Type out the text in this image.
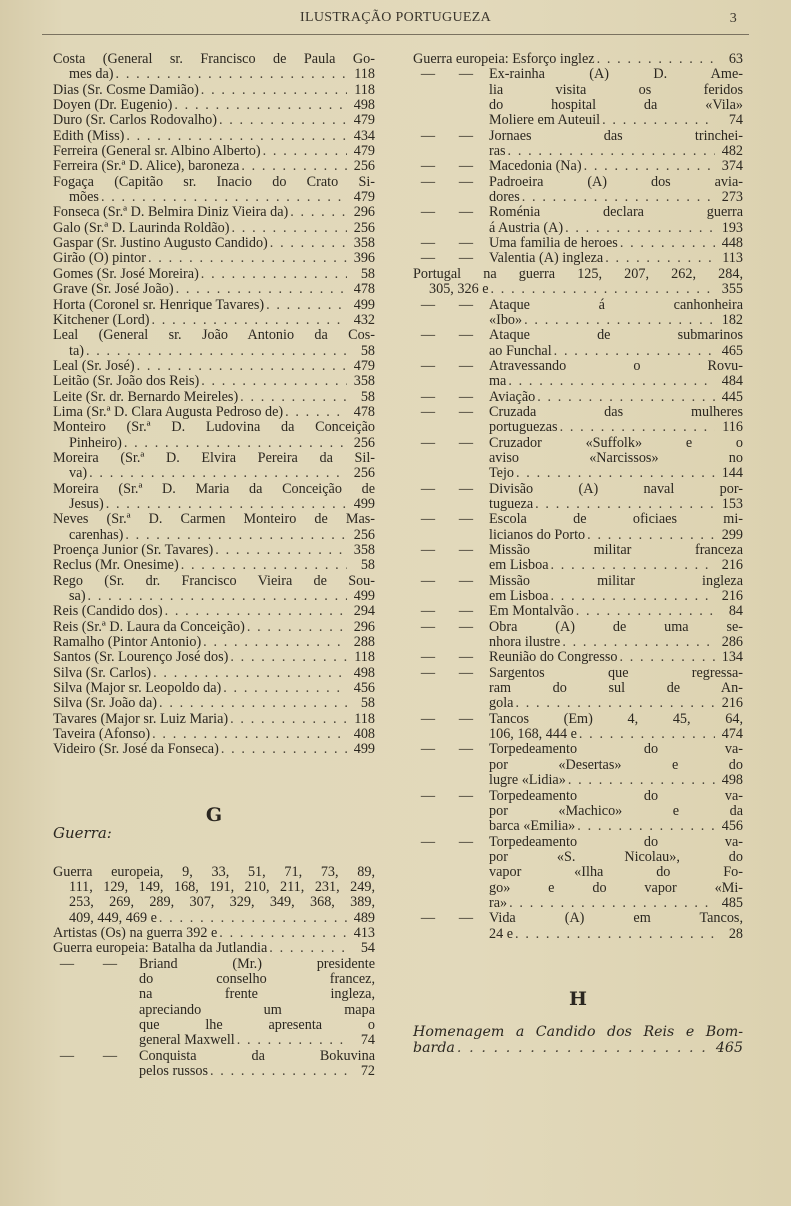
ILUSTRAÇÃO PORTUGUEZA	3
Costa (General sr. Francisco de Paula Go-
mes da) . . .	118
Dias (Sr. Cosme Damião) . . .	118
Doyen (Dr. Eugenio) . . .	498
Duro (Sr. Carlos Rodovalho) . . .	479
Edith (Miss) . . .	434
Ferreira (General sr. Albino Alberto) . . .	479
Ferreira (Sr.ª D. Alice), baroneza . . .	256
Fogaça (Capitão sr. Inacio do Crato Si-
mões . . .	479
Fonseca (Sr.ª D. Belmira Diniz Vieira da) . . .	296
Galo (Sr.ª D. Laurinda Roldão) . . .	256
Gaspar (Sr. Justino Augusto Candido) . . .	358
Girão (O) pintor . . .	396
Gomes (Sr. José Moreira) . . .	58
Grave (Sr. José João) . . .	478
Horta (Coronel sr. Henrique Tavares) . . .	499
Kitchener (Lord) . . .	432
Leal (General sr. João Antonio da Cos-
ta) . . .	58
Leal (Sr. José) . . .	479
Leitão (Sr. João dos Reis) . . .	358
Leite (Sr. dr. Bernardo Meireles) . . .	58
Lima (Sr.ª D. Clara Augusta Pedroso de) . . .	478
Monteiro (Sr.ª D. Ludovina da Conceição
Pinheiro) . . .	256
Moreira (Sr.ª D. Elvira Pereira da Sil-
va) . . .	256
Moreira (Sr.ª D. Maria da Conceição de
Jesus) . . .	499
Neves (Sr.ª D. Carmen Monteiro de Mas-
carenhas) . . .	256
Proença Junior (Sr. Tavares) . . .	358
Reclus (Mr. Onesime) . . .	58
Rego (Sr. dr. Francisco Vieira de Sou-
sa) . . .	499
Reis (Candido dos) . . .	294
Reis (Sr.ª D. Laura da Conceição) . . .	296
Ramalho (Pintor Antonio) . . .	288
Santos (Sr. Lourenço José dos) . . .	118
Silva (Sr. Carlos) . . .	498
Silva (Major sr. Leopoldo da) . . .	456
Silva (Sr. João da) . . .	58
Tavares (Major sr. Luiz Maria) . . .	118
Taveira (Afonso) . . .	408
Videiro (Sr. José da Fonseca) . . .	499
G
Guerra:
Guerra europeia, 9, 33, 51, 71, 73, 89,
111, 129, 149, 168, 191, 210, 211, 231, 249,
253, 269, 289, 307, 329, 349, 368, 389,
409, 449, 469 e . . .	489
Artistas (Os) na guerra 392 e . . .	413
Guerra europeia: Batalha da Jutlandia . . .	54
—	—	Briand (Mr.) presidente
do conselho francez,
na frente ingleza,
apreciando um mapa
que lhe apresenta o
general Maxwell . . .	74
—	—	Conquista da Bokuvina
pelos russos . . .	72
Guerra europeia: Esforço inglez . . .	63
—	—	Ex-rainha (A) D. Ame-
lia visita os feridos
do hospital da «Vila»
Moliere em Auteuil . . .	74
—	—	Jornaes das trinchei-
ras . . .	482
—	—	Macedonia (Na) . . .	374
—	—	Padroeira (A) dos avia-
dores . . .	273
—	—	Roménia declara guerra
á Austria (A) . . .	193
—	—	Uma familia de heroes . . .	448
—	—	Valentia (A) ingleza . . .	113
Portugal na guerra 125, 207, 262, 284,
305, 326 e . . .	355
—	—	Ataque á canhonheira
«Ibo» . . .	182
—	—	Ataque de submarinos
ao Funchal . . .	465
—	—	Atravessando o Rovu-
ma . . .	484
—	—	Aviação . . .	445
—	—	Cruzada das mulheres
portuguezas . . .	116
—	—	Cruzador «Suffolk» e o
aviso «Narcissos» no
Tejo . . .	144
—	—	Divisão (A) naval por-
tugueza . . .	153
—	—	Escola de oficiaes mi-
licianos do Porto . . .	299
—	—	Missão militar franceza
em Lisboa . . .	216
—	—	Missão militar ingleza
em Lisboa . . .	216
—	—	Em Montalvão . . .	84
—	—	Obra (A) de uma se-
nhora ilustre . . .	286
—	—	Reunião do Congresso . . .	134
—	—	Sargentos que regressa-
ram do sul de An-
gola . . .	216
—	—	Tancos (Em) 4, 45, 64,
106, 168, 444 e . . .	474
—	—	Torpedeamento do va-
por «Desertas» e do
lugre «Lidia» . . .	498
—	—	Torpedeamento do va-
por «Machico» e da
barca «Emilia» . . .	456
—	—	Torpedeamento do va-
por «S. Nicolau», do
vapor «Ilha do Fo-
go» e do vapor «Mi-
ra» . . .	485
—	—	Vida (A) em Tancos,
24 e . . .	28
H
Homenagem a Candido dos Reis e Bom-
barda . . .	465
